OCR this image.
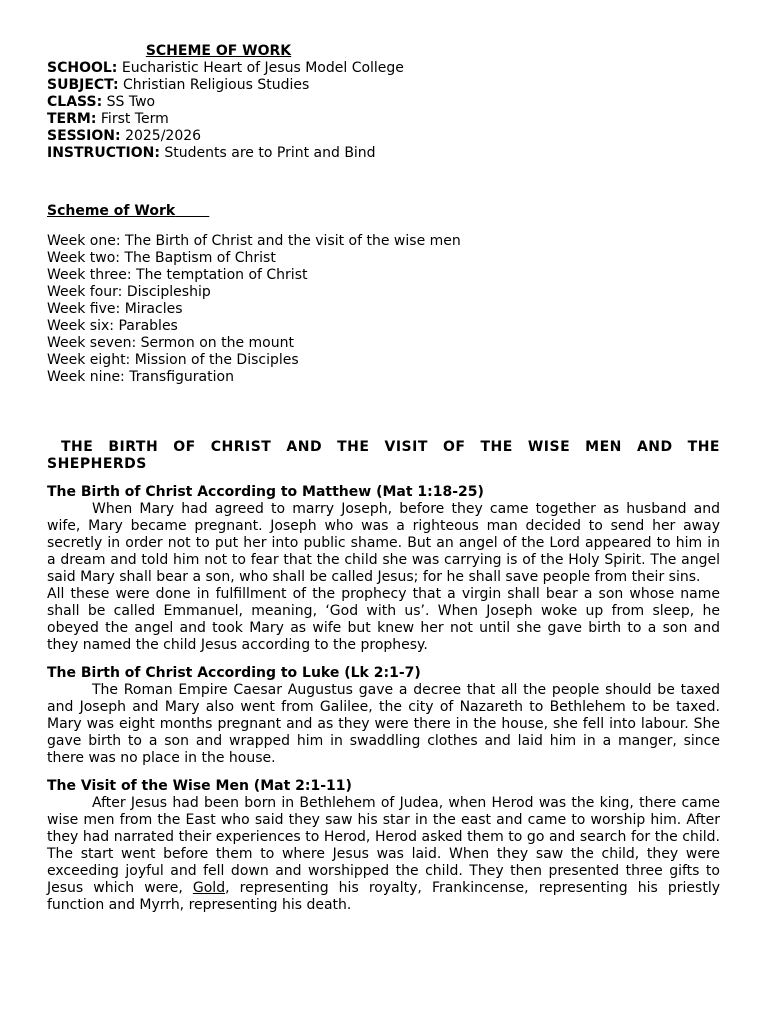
SCHEME OF WORK
SCHOOL: Eucharistic Heart of Jesus Model College
SUBJECT: Christian Religious Studies
CLASS: SS Two
TERM: First Term
SESSION: 2025/2026
INSTRUCTION: Students are to Print and Bind
Scheme of Work
Week one: The Birth of Christ and the visit of the wise men
Week two: The Baptism of Christ
Week three: The temptation of Christ
Week four: Discipleship
Week five: Miracles
Week six: Parables
Week seven: Sermon on the mount
Week eight: Mission of the Disciples
Week nine: Transfiguration
THE BIRTH OF CHRIST AND THE VISIT OF THE WISE MEN AND THE
SHEPHERDS
The Birth of Christ According to Matthew (Mat 1:18-25)

When Mary had agreed to marry Joseph, before they came together as husband and wife, Mary became pregnant. Joseph who was a righteous man decided to send her away secretly in order not to put her into public shame. But an angel of the Lord appeared to him in a dream and told him not to fear that the child she was carrying is of the Holy Spirit. The angel said Mary shall bear a son, who shall be called Jesus; for he shall save people from their sins.

All these were done in fulfillment of the prophecy that a virgin shall bear a son whose name shall be called Emmanuel, meaning, ‘God with us’. When Joseph woke up from sleep, he obeyed the angel and took Mary as wife but knew her not until she gave birth to a son and they named the child Jesus according to the prophesy.

The Birth of Christ According to Luke (Lk 2:1-7)

The Roman Empire Caesar Augustus gave a decree that all the people should be taxed and Joseph and Mary also went from Galilee, the city of Nazareth to Bethlehem to be taxed. Mary was eight months pregnant and as they were there in the house, she fell into labour. She gave birth to a son and wrapped him in swaddling clothes and laid him in a manger, since there was no place in the house.

The Visit of the Wise Men (Mat 2:1-11)

After Jesus had been born in Bethlehem of Judea, when Herod was the king, there came wise men from the East who said they saw his star in the east and came to worship him. After they had narrated their experiences to Herod, Herod asked them to go and search for the child. The start went before them to where Jesus was laid. When they saw the child, they were exceeding joyful and fell down and worshipped the child. They then presented three gifts to Jesus which were, Gold, representing his royalty, Frankincense, representing his priestly function and Myrrh, representing his death.
